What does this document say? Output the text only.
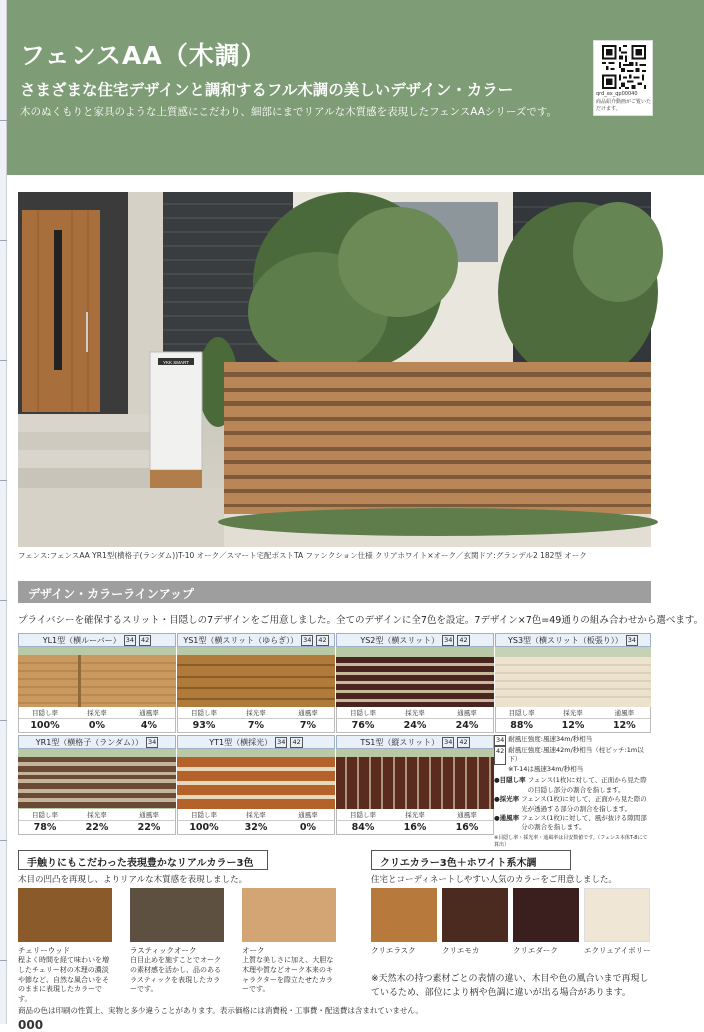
フェンスAA（木調）
さまざまな住宅デザインと調和するフル木調の美しいデザイン・カラー
木のぬくもりと家具のような上質感にこだわり、細部にまでリアルな木質感を表現したフェンスAAシリーズです。
qrd_ex_qp00040
商品紹介動画がご覧いただけます。
YKK SMART
フェンス:フェンスAA YR1型(横格子(ランダム))T-10 オーク／スマート宅配ポストTA ファンクション仕様 クリアホワイト×オーク／玄関ドア:グランデル2 182型 オーク
デザイン・カラーラインアップ
プライバシーを確保するスリット・目隠しの7デザインをご用意しました。全てのデザインに全7色を設定。7デザイン×7色=49通りの組み合わせから選べます。
YL1型（横ルーバー） 34	42
目隠し率	採光率	通風率
100%	0%	4%
YS1型（横スリット（ゆらぎ）） 34	42
目隠し率	採光率	通風率
93%	7%	7%
YS2型（横スリット） 34	42
目隠し率	採光率	通風率
76%	24%	24%
YS3型（横スリット（板張り）） 34
目隠し率	採光率	通風率
88%	12%	12%
YR1型（横格子（ランダム）） 34
目隠し率	採光率	通風率
78%	22%	22%
YT1型（横採光） 34	42
目隠し率	採光率	通風率
100%	32%	0%
TS1型（縦スリット） 34	42
目隠し率	採光率	通風率
84%	16%	16%
34 耐風圧強度:風速34m/秒相当
42 耐風圧強度:風速42m/秒相当（柱ピッチ:1m以下）
※T-14は風速34m/秒相当
●目隠し率 フェンス(1枚)に対して、正面から見た際の目隠し部分の割合を指します。
●採光率 フェンス(1枚)に対して、正面から見た際の光が透過する部分の割合を指します。
●通風率 フェンス(1枚)に対して、風が抜ける隙間部分の割合を指します。
※目隠し率・採光率・通風率は目安数値です。（フェンス本体T-8にて算出）
手触りにもこだわった表現豊かなリアルカラー3色
木目の凹凸を再現し、よりリアルな木質感を表現しました。
チェリーウッド	ラスティックオーク	オーク
程よく時間を経て味わいを増したチェリー材の木理の濃淡や節など、自然な風合いをそのままに表現したカラーです。
白目止めを施すことでオークの素材感を活かし、品のあるラスティックを表現したカラーです。
上質な美しさに加え、大胆な木理や質などオーク本来のキャラクターを際立たせたカラーです。
クリエカラー3色＋ホワイト系木調
住宅とコーディネートしやすい人気のカラーをご用意しました。
クリエラスク	クリエモカ	クリエダーク	エクリュアイボリー
※天然木の持つ素材ごとの表情の違い、木目や色の風合いまで再現しているため、部位により柄や色調に違いが出る場合があります。
商品の色は印刷の性質上、実物と多少違うことがあります。表示価格には消費税・工事費・配送費は含まれていません。
000
